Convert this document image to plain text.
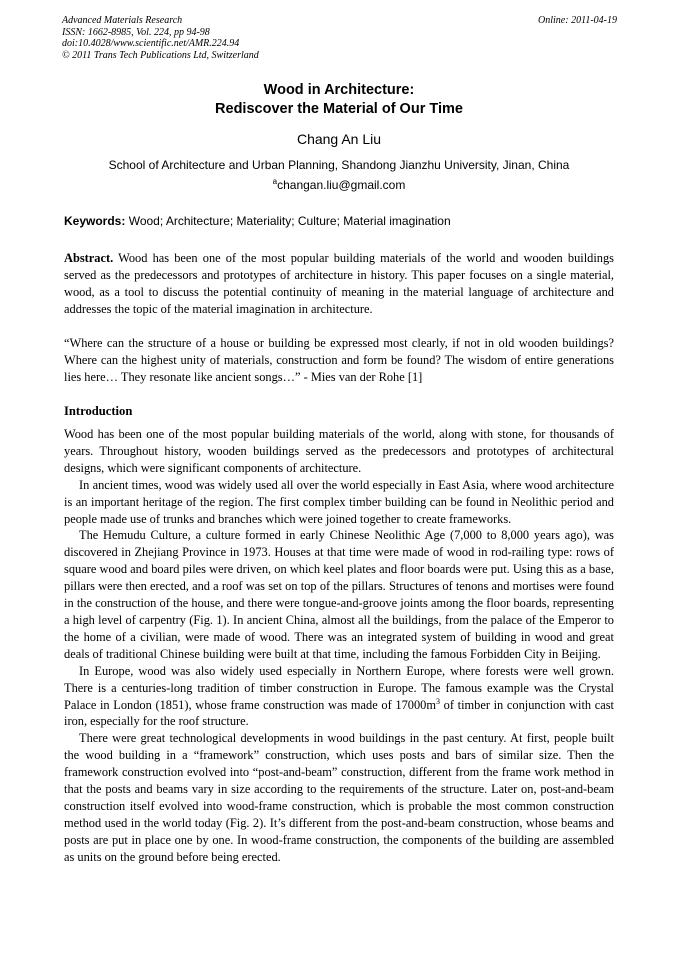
Advanced Materials Research
ISSN: 1662-8985, Vol. 224, pp 94-98
doi:10.4028/www.scientific.net/AMR.224.94
© 2011 Trans Tech Publications Ltd, Switzerland
Online: 2011-04-19
Wood in Architecture:
Rediscover the Material of Our Time
Chang An Liu
School of Architecture and Urban Planning, Shandong Jianzhu University, Jinan, China
$^a$changan.liu@gmail.com
Keywords: Wood; Architecture; Materiality; Culture; Material imagination

Abstract. Wood has been one of the most popular building materials of the world and wooden buildings served as the predecessors and prototypes of architecture in history. This paper focuses on a single material, wood, as a tool to discuss the potential continuity of meaning in the material language of architecture and addresses the topic of the material imagination in architecture.

“Where can the structure of a house or building be expressed most clearly, if not in old wooden buildings? Where can the highest unity of materials, construction and form be found? The wisdom of entire generations lies here… They resonate like ancient songs…” - Mies van der Rohe [1]

Introduction

Wood has been one of the most popular building materials of the world, along with stone, for thousands of years. Throughout history, wooden buildings served as the predecessors and prototypes of architectural designs, which were significant components of architecture.

In ancient times, wood was widely used all over the world especially in East Asia, where wood architecture is an important heritage of the region. The first complex timber building can be found in Neolithic period and people made use of trunks and branches which were joined together to create frameworks.

The Hemudu Culture, a culture formed in early Chinese Neolithic Age (7,000 to 8,000 years ago), was discovered in Zhejiang Province in 1973. Houses at that time were made of wood in rod-railing type: rows of square wood and board piles were driven, on which keel plates and floor boards were put. Using this as a base, pillars were then erected, and a roof was set on top of the pillars. Structures of tenons and mortises were found in the construction of the house, and there were tongue-and-groove joints among the floor boards, representing a high level of carpentry (Fig. 1). In ancient China, almost all the buildings, from the palace of the Emperor to the home of a civilian, were made of wood. There was an integrated system of building in wood and great deals of traditional Chinese building were built at that time, including the famous Forbidden City in Beijing.

In Europe, wood was also widely used especially in Northern Europe, where forests were well grown. There is a centuries-long tradition of timber construction in Europe. The famous example was the Crystal Palace in London (1851), whose frame construction was made of $17000m^3$ of timber in conjunction with cast iron, especially for the roof structure.

There were great technological developments in wood buildings in the past century. At first, people built the wood building in a “framework” construction, which uses posts and bars of similar size. Then the framework construction evolved into “post-and-beam” construction, different from the frame work method in that the posts and beams vary in size according to the requirements of the structure. Later on, post-and-beam construction itself evolved into wood-frame construction, which is probable the most common construction method used in the world today (Fig. 2). It’s different from the post-and-beam construction, whose beams and posts are put in place one by one. In wood-frame construction, the components of the building are assembled as units on the ground before being erected.
